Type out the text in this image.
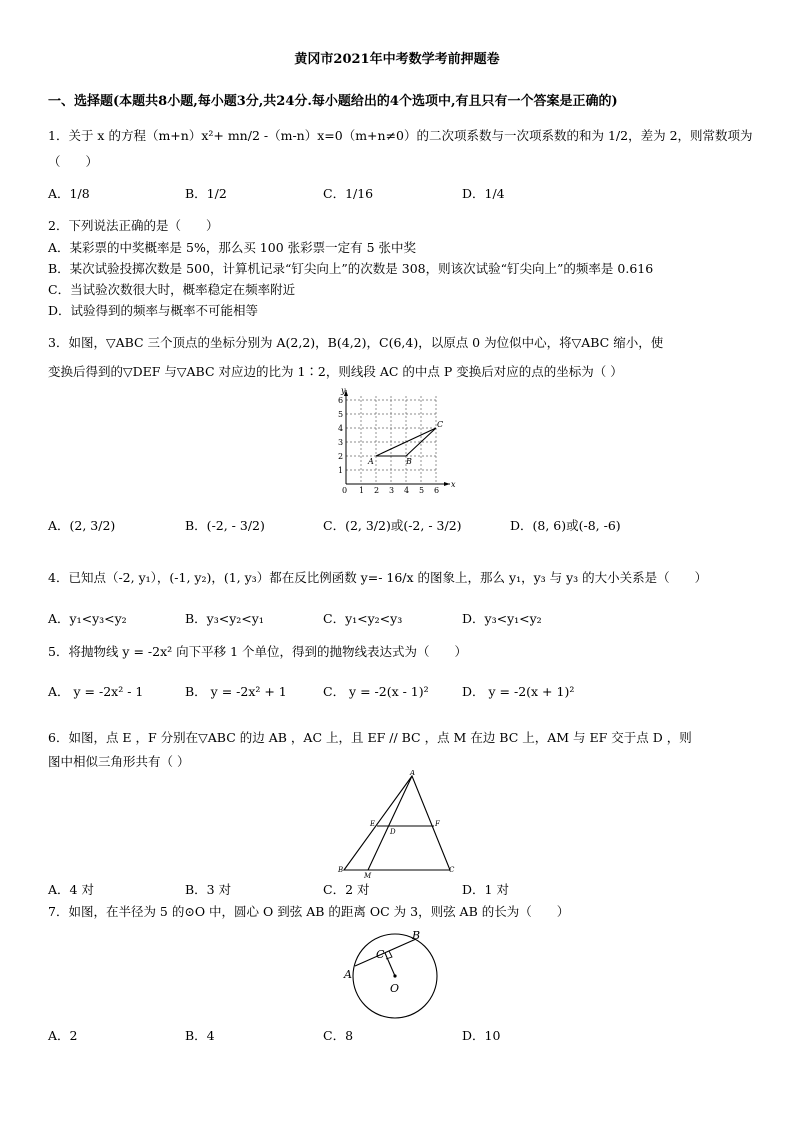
黄冈市2021年中考数学考前押题卷
一、选择题(本题共8小题,每小题3分,共24分.每小题给出的4个选项中,有且只有一个答案是正确的)
1．关于 x 的方程（m+n）x²+ mn/2 -（m-n）x=0（m+n≠0）的二次项系数与一次项系数的和为 1/2，差为 2，则常数项为
（　　）
A．1/8	B．1/2	C．1/16	D．1/4
2．下列说法正确的是（　　）
A．某彩票的中奖概率是 5%，那么买 100 张彩票一定有 5 张中奖
B．某次试验投掷次数是 500，计算机记录“钉尖向上”的次数是 308，则该次试验“钉尖向上”的频率是 0.616
C．当试验次数很大时，概率稳定在频率附近
D．试验得到的频率与概率不可能相等
3．如图，▽ABC 三个顶点的坐标分别为 A(2,2)，B(4,2)，C(6,4)，以原点 0 为位似中心，将▽ABC 缩小，使
变换后得到的▽DEF 与▽ABC 对应边的比为 1∶2，则线段 AC 的中点 P 变换后对应的点的坐标为（ ）
x
y
A	B
C
0 1 2 3 4 5 6
1
2
3
4
5
6
A．(2, 3/2)	B．(-2, - 3/2)	C．(2, 3/2)或(-2, - 3/2)	D．(8, 6)或(-8, -6)
4．已知点（-2, y₁），(-1, y₂)，(1, y₃）都在反比例函数 y=- 16/x 的图象上，那么 y₁，y₃ 与 y₃ 的大小关系是（　　）
A．y₁<y₃<y₂	B．y₃<y₂<y₁	C．y₁<y₂<y₃	D．y₃<y₁<y₂
5．将抛物线 y = -2x² 向下平移 1 个单位，得到的抛物线表达式为（　　）
A． y = -2x² - 1	B． y = -2x² + 1	C． y = -2(x - 1)²	D． y = -2(x + 1)²
6．如图，点 E ，F 分别在▽ABC 的边 AB ，AC 上，且 EF // BC ，点 M 在边 BC 上，AM 与 EF 交于点 D ，则
图中相似三角形共有（ ）
A
B	C
D
E	F
M
A．4 对	B．3 对	C．2 对	D．1 对
7．如图，在半径为 5 的⊙O 中，圆心 O 到弦 AB 的距离 OC 为 3，则弦 AB 的长为（　　）
A
B
C
O
A．2	B．4	C．8	D．10
